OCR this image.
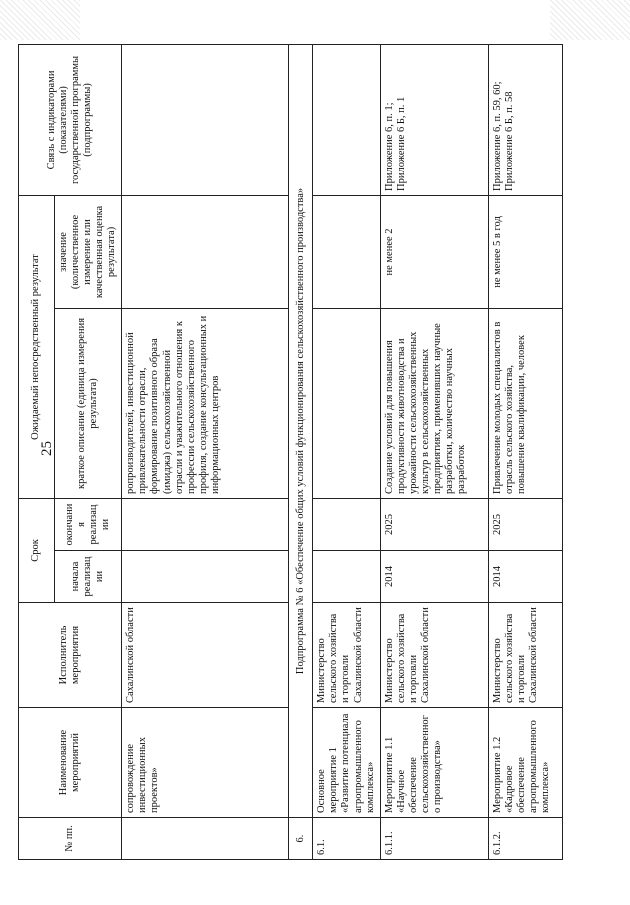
25
№ пп.	Наименование мероприятий	Исполнитель мероприятия	Срок		Ожидаемый непосредственный результат		Связь с индикаторами (показателями) государственной программы (подпрограммы)
			начала реализации	окончания реализации	краткое описание (единица измерения результата)	значение (количественное измерение или качественная оценка результата)	
	сопровождение инвестиционных проектов»	Сахалинской области			ропроизводителей, инвестиционной привлекательности отрасли, формирование позитивного образа (имиджа) сельскохозяйственной отрасли и уважительного отношения к профессии сельскохозяйственного профиля, создание консультационных и информационных центров		
6.	Подпрограмма № 6 «Обеспечение общих условий функционирования сельскохозяйственного производства»						
6.1.	Основное мероприятие 1 «Развитие потенциала агропромышленного комплекса»	Министерство сельского хозяйства и торговли Сахалинской области					
6.1.1.	Мероприятие 1.1 «Научное обеспечение сельскохозяйственного производства»	Министерство сельского хозяйства и торговли Сахалинской области	2014	2025	Создание условий для повышения продуктивности животноводства и урожайности сельскохозяйственных культур в сельскохозяйственных предприятиях, применивших научные разработки, количество научных разработок	не менее 2	Приложение 6, п. 1; Приложение 6 Б, п. 1
6.1.2.	Мероприятие 1.2 «Кадровое обеспечение агропромышленного комплекса»	Министерство сельского хозяйства и торговли Сахалинской области	2014	2025	Привлечение молодых специалистов в отрасль сельского хозяйства, повышение квалификации, человек	не менее 5 в год	Приложение 6, п. 59, 60; Приложение 6 Б, п. 58
